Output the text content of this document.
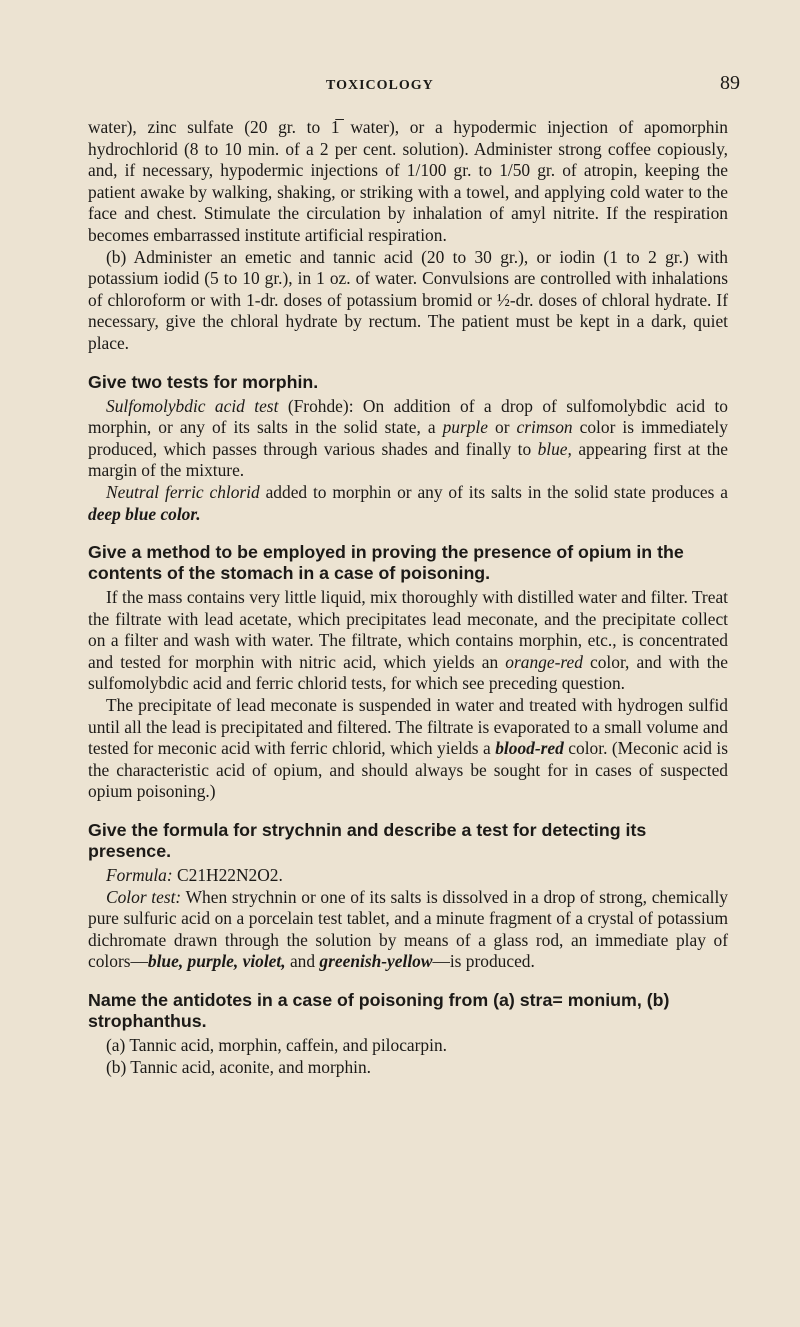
TOXICOLOGY	89

water), zinc sulfate (20 gr. to 1̅ water), or a hypodermic injection of apomorphin hydrochlorid (8 to 10 min. of a 2 per cent. solution). Administer strong coffee copiously, and, if necessary, hypodermic injections of 1/100 gr. to 1/50 gr. of atropin, keeping the patient awake by walking, shaking, or striking with a towel, and applying cold water to the face and chest. Stimulate the circulation by inhalation of amyl nitrite. If the respiration becomes embarrassed institute artificial respiration.

(b) Administer an emetic and tannic acid (20 to 30 gr.), or iodin (1 to 2 gr.) with potassium iodid (5 to 10 gr.), in 1 oz. of water. Convulsions are controlled with inhalations of chloroform or with 1-dr. doses of potassium bromid or ½-dr. doses of chloral hydrate. If necessary, give the chloral hydrate by rectum. The patient must be kept in a dark, quiet place.

Give two tests for morphin.

Sulfomolybdic acid test (Frohde): On addition of a drop of sulfomolybdic acid to morphin, or any of its salts in the solid state, a purple or crimson color is immediately produced, which passes through various shades and finally to blue, appearing first at the margin of the mixture.

Neutral ferric chlorid added to morphin or any of its salts in the solid state produces a deep blue color.

Give a method to be employed in proving the presence of opium in the contents of the stomach in a case of poisoning.

If the mass contains very little liquid, mix thoroughly with distilled water and filter. Treat the filtrate with lead acetate, which precipitates lead meconate, and the precipitate collect on a filter and wash with water. The filtrate, which contains morphin, etc., is concentrated and tested for morphin with nitric acid, which yields an orange-red color, and with the sulfomolybdic acid and ferric chlorid tests, for which see preceding question.

The precipitate of lead meconate is suspended in water and treated with hydrogen sulfid until all the lead is precipitated and filtered. The filtrate is evaporated to a small volume and tested for meconic acid with ferric chlorid, which yields a blood-red color. (Meconic acid is the characteristic acid of opium, and should always be sought for in cases of suspected opium poisoning.)

Give the formula for strychnin and describe a test for detecting its presence.

Formula: C21H22N2O2.

Color test: When strychnin or one of its salts is dissolved in a drop of strong, chemically pure sulfuric acid on a porcelain test tablet, and a minute fragment of a crystal of potassium dichromate drawn through the solution by means of a glass rod, an immediate play of colors—blue, purple, violet, and greenish-yellow—is produced.

Name the antidotes in a case of poisoning from (a) stra= monium, (b) strophanthus.

(a) Tannic acid, morphin, caffein, and pilocarpin.

(b) Tannic acid, aconite, and morphin.
